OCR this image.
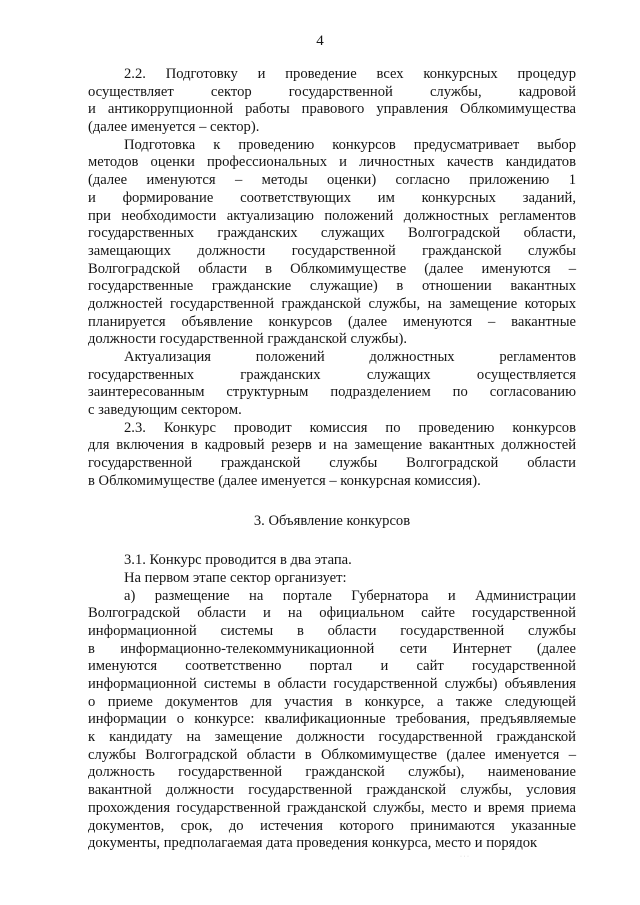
4
2.2. Подготовку и проведение всех конкурсных процедур
осуществляет сектор государственной службы, кадровой
и антикоррупционной работы правового управления Облкомимущества
(далее именуется – сектор).
Подготовка к проведению конкурсов предусматривает выбор
методов оценки профессиональных и личностных качеств кандидатов
(далее именуются – методы оценки) согласно приложению 1
и формирование соответствующих им конкурсных заданий,
при необходимости актуализацию положений должностных регламентов
государственных гражданских служащих Волгоградской области,
замещающих должности государственной гражданской службы
Волгоградской области в Облкомимуществе (далее именуются –
государственные гражданские служащие) в отношении вакантных
должностей государственной гражданской службы, на замещение которых
планируется объявление конкурсов (далее именуются – вакантные
должности государственной гражданской службы).
Актуализация положений должностных регламентов
государственных гражданских служащих осуществляется
заинтересованным структурным подразделением по согласованию
с заведующим сектором.
2.3. Конкурс проводит комиссия по проведению конкурсов
для включения в кадровый резерв и на замещение вакантных должностей
государственной гражданской службы Волгоградской области
в Облкомимуществе (далее именуется – конкурсная комиссия).
3. Объявление конкурсов
3.1. Конкурс проводится в два этапа.
На первом этапе сектор организует:
а) размещение на портале Губернатора и Администрации
Волгоградской области и на официальном сайте государственной
информационной системы в области государственной службы
в информационно-телекоммуникационной сети Интернет (далее
именуются соответственно портал и сайт государственной
информационной системы в области государственной службы) объявления
о приеме документов для участия в конкурсе, а также следующей
информации о конкурсе: квалификационные требования, предъявляемые
к кандидату на замещение должности государственной гражданской
службы Волгоградской области в Облкомимуществе (далее именуется –
должность государственной гражданской службы), наименование
вакантной должности государственной гражданской службы, условия
прохождения государственной гражданской службы, место и время приема
документов, срок, до истечения которого принимаются указанные
документы, предполагаемая дата проведения конкурса, место и порядок
· · ·
